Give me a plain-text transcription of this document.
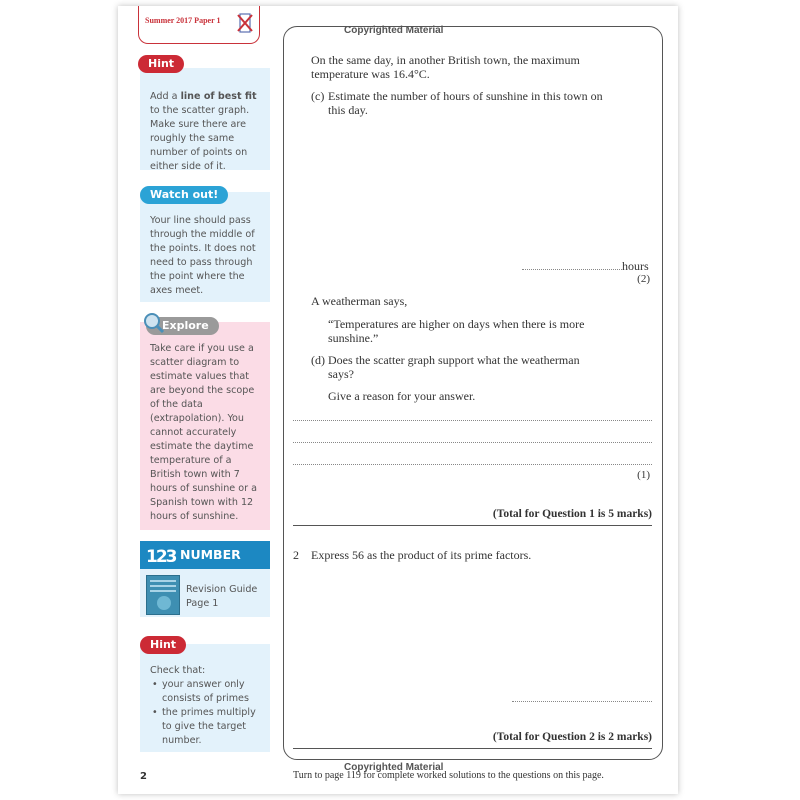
Summer 2017 Paper 1

Add a line of best fit to the scatter graph. Make sure there are roughly the same number of points on either side of it.

Hint

Your line should pass through the middle of the points. It does not need to pass through the point where the axes meet.

Watch out!

Take care if you use a scatter diagram to estimate values that are beyond the scope of the data (extrapolation). You cannot accurately estimate the daytime temperature of a British town with 7 hours of sunshine or a Spanish town with 12 hours of sunshine.

Explore
123 NUMBER

Revision Guide Page 1

Check that:

• your answer only consists of primes
• the primes multiply to give the target number.
Hint
Copyrighted Material
On the same day, in another British town, the maximum temperature was 16.4°C.
(c) Estimate the number of hours of sunshine in this town on this day.
hours
(2)
A weatherman says,
“Temperatures are higher on days when there is more sunshine.”
(d) Does the scatter graph support what the weatherman says?
Give a reason for your answer.
(1)
(Total for Question 1 is 5 marks)
2 Express 56 as the product of its prime factors.
(Total for Question 2 is 2 marks)
Copyrighted Material
2	Turn to page 119 for complete worked solutions to the questions on this page.
